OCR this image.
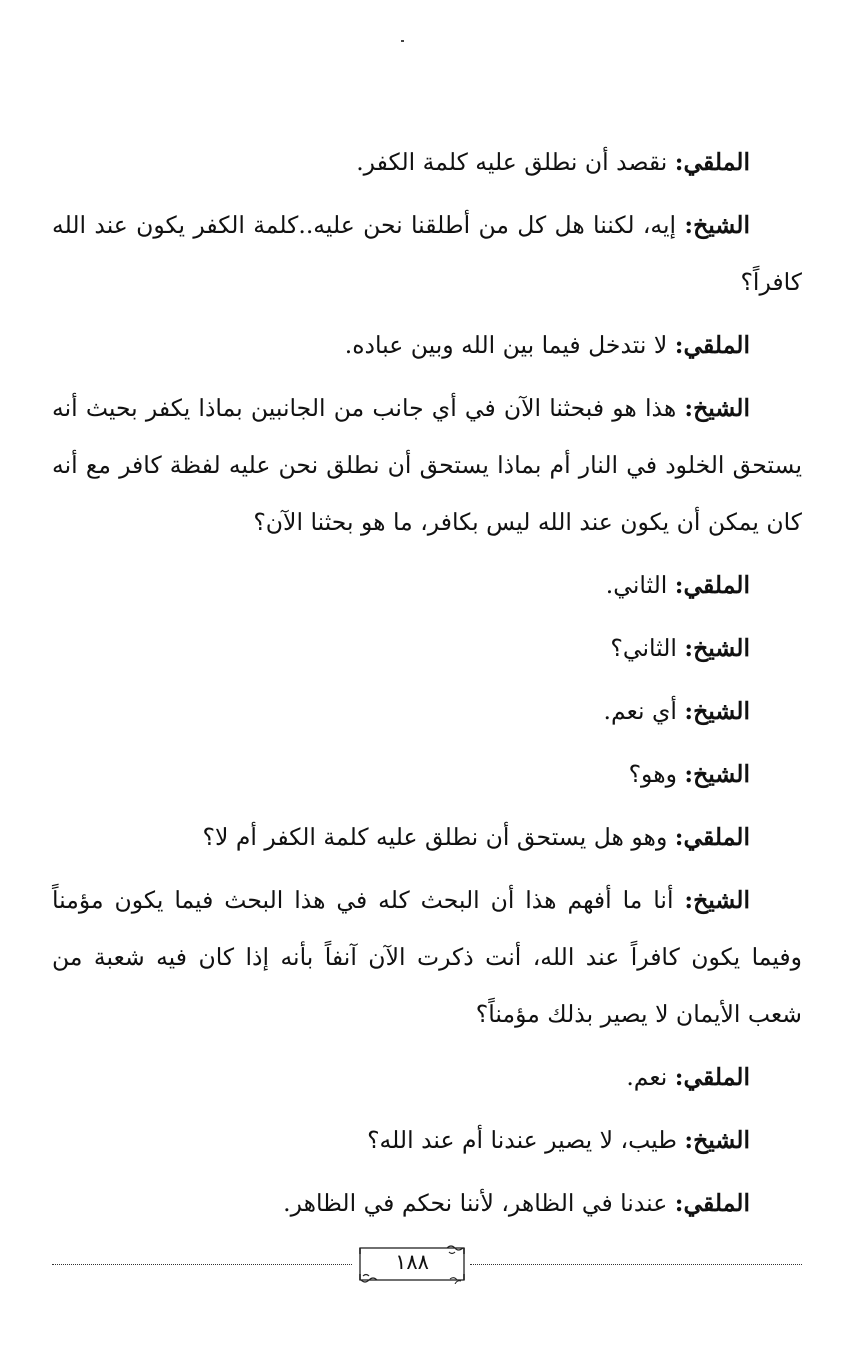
الملقي: نقصد أن نطلق عليه كلمة الكفر.

الشيخ: إيه، لكننا هل كل من أطلقنا نحن عليه..كلمة الكفر يكون عند الله كافراً؟

الملقي: لا نتدخل فيما بين الله وبين عباده.

الشيخ: هذا هو فبحثنا الآن في أي جانب من الجانبين بماذا يكفر بحيث أنه يستحق الخلود في النار أم بماذا يستحق أن نطلق نحن عليه لفظة كافر مع أنه كان يمكن أن يكون عند الله ليس بكافر، ما هو بحثنا الآن؟

الملقي: الثاني.

الشيخ: الثاني؟

الشيخ: أي نعم.

الشيخ: وهو؟

الملقي: وهو هل يستحق أن نطلق عليه كلمة الكفر أم لا؟

الشيخ: أنا ما أفهم هذا أن البحث كله في هذا البحث فيما يكون مؤمناً وفيما يكون كافراً عند الله، أنت ذكرت الآن آنفاً بأنه إذا كان فيه شعبة من شعب الأيمان لا يصير بذلك مؤمناً؟

الملقي: نعم.

الشيخ: طيب، لا يصير عندنا أم عند الله؟

الملقي: عندنا في الظاهر، لأننا نحكم في الظاهر.

١٨٨
